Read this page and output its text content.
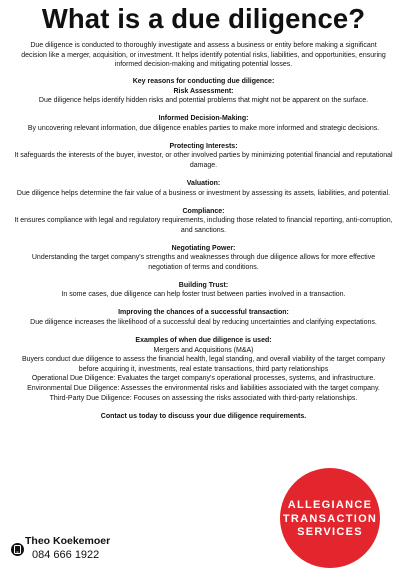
What is a due diligence?

Due diligence is conducted to thoroughly investigate and assess a business or entity before making a significant decision like a merger, acquisition, or investment. It helps identify potential risks, liabilities, and opportunities, ensuring informed decision-making and mitigating potential losses.

Key reasons for conducting due diligence:

Risk Assessment:

Due diligence helps identify hidden risks and potential problems that might not be apparent on the surface.

Informed Decision-Making:

By uncovering relevant information, due diligence enables parties to make more informed and strategic decisions.

Protecting Interests:

It safeguards the interests of the buyer, investor, or other involved parties by minimizing potential financial and reputational damage.

Valuation:

Due diligence helps determine the fair value of a business or investment by assessing its assets, liabilities, and potential.

Compliance:

It ensures compliance with legal and regulatory requirements, including those related to financial reporting, anti-corruption, and sanctions.

Negotiating Power:

Understanding the target company's strengths and weaknesses through due diligence allows for more effective negotiation of terms and conditions.

Building Trust:

In some cases, due diligence can help foster trust between parties involved in a transaction.

Improving the chances of a successful transaction:

Due diligence increases the likelihood of a successful deal by reducing uncertainties and clarifying expectations.

Examples of when due diligence is used:

Mergers and Acquisitions (M&A)

Buyers conduct due diligence to assess the financial health, legal standing, and overall viability of the target company before acquiring it, investments, real estate transactions, third party relationships

Operational Due Diligence: Evaluates the target company's operational processes, systems, and infrastructure.

Environmental Due Diligence: Assesses the environmental risks and liabilities associated with the target company.

Third-Party Due Diligence: Focuses on assessing the risks associated with third-party relationships.

Contact us today to discuss your due diligence requirements.

Theo Koekemoer
084 666 1922
ALLEGIANCE
TRANSACTION
SERVICES
